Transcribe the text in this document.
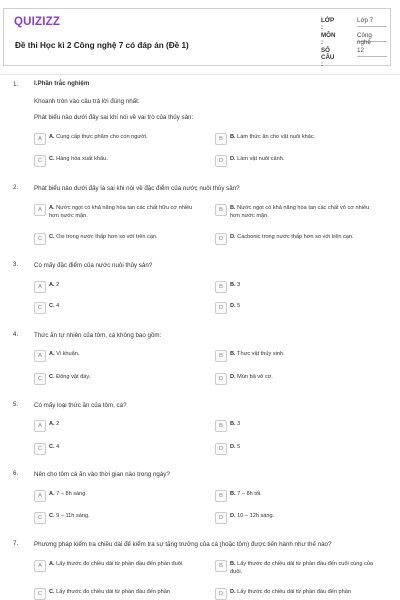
QUIZIZZ
Đề thi Học kì 2 Công nghệ 7 có đáp án (Đề 1)
LỚP :
Lớp 7
MÔN :
Công nghệ
SỐ CÂU :
12
1.	I.Phần trắc nghiệm
Khoanh tròn vào câu trả lời đúng nhất:
Phát biểu nào dưới đây sai khi nói về vai trò của thủy sản:
A	A. Cung cấp thực phẩm cho con người.	B	B. Làm thức ăn cho vật nuôi khác.
C	C. Hàng hóa xuất khẩu.	D	D. Làm vật nuôi cảnh.
2.	Phát biểu nào dưới đây là sai khi nói về đặc điểm của nước nuôi thủy sản?
A	A. Nước ngọt có khả năng hòa tan các chất hữu cơ nhiều hơn nước mặn.
B	B. Nước ngọt có khả năng hòa tan các chất vô cơ nhiều hơn nước mặn.
C	C. Oxi trong nước thấp hơn so với trên cạn.	D	D. Cacbonic trong nước thấp hơn so với trên cạn.
3.	Có mấy đặc điểm của nước nuôi thủy sản?
A	A. 2	B	B. 3
C	C. 4	D	D. 5
4.	Thức ăn tự nhiên của tôm, cá không bao gồm:
A	A. Vi khuẩn.	B	B. Thực vật thủy sinh.
C	C. Động vật đáy.	D	D. Mùn bã vô cơ.
5.	Có mấy loại thức ăn của tôm, cá?
A	A. 2	B	B. 3
C	C. 4	D	D. 5
6.	Nên cho tôm cá ăn vào thời gian nào trong ngày?
A	A. 7 – 8h sáng.	B	B. 7 – 8h tối.
C	C. 9 – 11h sáng.	D	D. 10 – 12h sáng.
7.	Phương pháp kiểm tra chiều dài để kiểm tra sự tăng trưởng của cá (hoặc tôm) được tiến hành như thế nào?
A	A. Lấy thước đo chiều dài từ phần đầu đến phần đuôi.	B	B. Lấy thước đo chiều dài từ phần đầu đến cuối cùng của đuôi.
C	C. Lấy thước đo chiều dài từ phần đầu đến phần	D	D. Lấy thước đo chiều dài từ phần đầu đến phần
